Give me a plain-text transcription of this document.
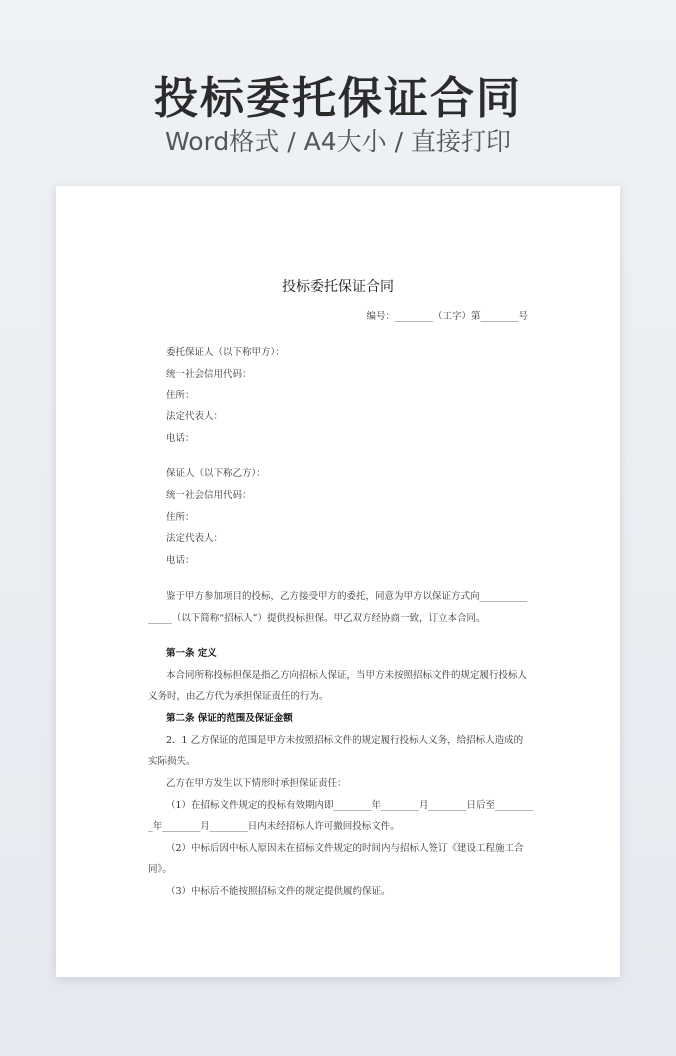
投标委托保证合同
Word格式 / A4大小 / 直接打印
投标委托保证合同
编号：________（工字）第________号
委托保证人（以下称甲方）：
统一社会信用代码：
住所：
法定代表人：
电话：
保证人（以下称乙方）：
统一社会信用代码：
住所：
法定代表人：
电话：
鉴于甲方参加项目的投标，乙方接受甲方的委托，同意为甲方以保证方式向__________
_____（以下简称“招标人”）提供投标担保。甲乙双方经协商一致，订立本合同。
第一条 定义
本合同所称投标担保是指乙方向招标人保证，当甲方未按照招标文件的规定履行投标人
义务时，由乙方代为承担保证责任的行为。
第二条 保证的范围及保证金额
2．1 乙方保证的范围是甲方未按照招标文件的规定履行投标人义务，给招标人造成的
实际损失。
乙方在甲方发生以下情形时承担保证责任：
（1）在招标文件规定的投标有效期内即________年________月________日后至________
_年________月________日内未经招标人许可撤回投标文件。
（2）中标后因中标人原因未在招标文件规定的时间内与招标人签订《建设工程施工合
同》。
（3）中标后不能按照招标文件的规定提供履约保证。
